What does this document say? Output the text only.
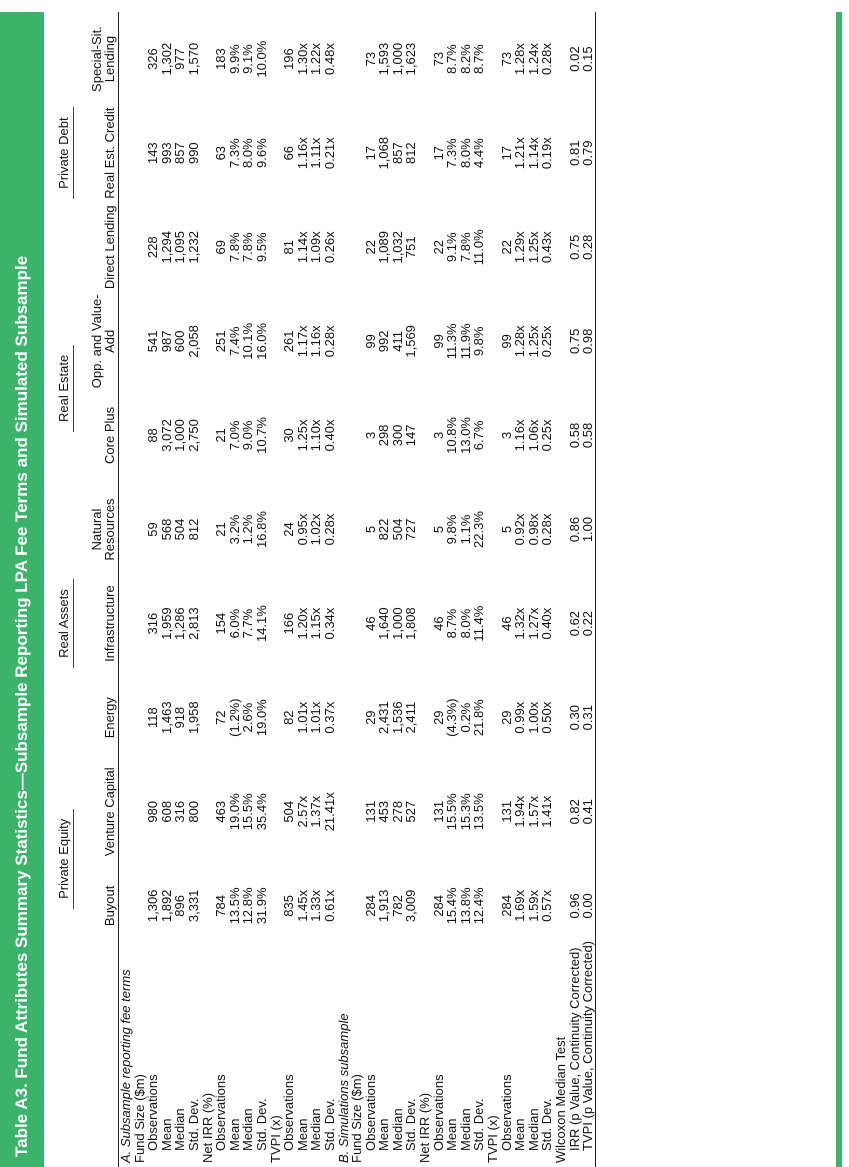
Table A3. Fund Attributes Summary Statistics—Subsample Reporting LPA Fee Terms and Simulated Subsample
		Private Equity		Real Assets			Real Estate		Private Debt		
	Buyout	Venture Capital	Energy	Infrastructure	Natural Resources	Core Plus	Opp. and Value-Add	Direct Lending	Real Est. Credit	Special-Sit. Lending
A. Subsample reporting fee terms										
Fund Size ($m)										
Observations	1,306	980	118	316	59	88	541	228	143	326
Mean	1,892	608	1,463	1,959	568	3,072	987	1,294	993	1,302
Median	896	316	918	1,286	504	1,000	600	1,095	857	977
Std. Dev.	3,331	800	1,958	2,813	812	2,750	2,058	1,232	990	1,570
Net IRR (%)										
Observations	784	463	72	154	21	21	251	69	63	183
Mean	13.5%	19.0%	(1.2%)	6.0%	3.2%	7.0%	7.4%	7.8%	7.3%	9.9%
Median	12.8%	15.5%	2.6%	7.7%	1.2%	9.0%	10.1%	7.8%	8.0%	9.1%
Std. Dev.	31.9%	35.4%	19.0%	14.1%	16.8%	10.7%	16.0%	9.5%	9.6%	10.0%
TVPI (x)										
Observations	835	504	82	166	24	30	261	81	66	196
Mean	1.45x	2.57x	1.01x	1.20x	0.95x	1.25x	1.17x	1.14x	1.16x	1.30x
Median	1.33x	1.37x	1.01x	1.15x	1.02x	1.10x	1.16x	1.09x	1.11x	1.22x
Std. Dev.	0.61x	21.41x	0.37x	0.34x	0.28x	0.40x	0.28x	0.26x	0.21x	0.48x
B. Simulations subsample										
Fund Size ($m)										
Observations	284	131	29	46	5	3	99	22	17	73
Mean	1,913	453	2,431	1,640	822	298	992	1,089	1,068	1,593
Median	782	278	1,536	1,000	504	300	411	1,032	857	1,000
Std. Dev.	3,009	527	2,411	1,808	727	147	1,569	751	812	1,623
Net IRR (%)										
Observations	284	131	29	46	5	3	99	22	17	73
Mean	15.4%	15.5%	(4.3%)	8.7%	9.8%	10.8%	11.3%	9.1%	7.3%	8.7%
Median	13.8%	15.3%	0.2%	8.0%	1.1%	13.0%	11.9%	7.8%	8.0%	8.2%
Std. Dev.	12.4%	13.5%	21.8%	11.4%	22.3%	6.7%	9.8%	11.0%	4.4%	8.7%
TVPI (x)										
Observations	284	131	29	46	5	3	99	22	17	73
Mean	1.69x	1.94x	0.99x	1.32x	0.92x	1.16x	1.28x	1.29x	1.21x	1.28x
Median	1.59x	1.57x	1.00x	1.27x	0.98x	1.06x	1.25x	1.25x	1.14x	1.24x
Std. Dev.	0.57x	1.41x	0.50x	0.40x	0.28x	0.25x	0.25x	0.43x	0.19x	0.28x
Wilcoxon Median Test										
IRR (p Value, Continuity Corrected)	0.96	0.82	0.30	0.62	0.86	0.58	0.75	0.75	0.81	0.02
TVPI (p Value, Continuity Corrected)	0.00	0.41	0.31	0.22	1.00	0.58	0.98	0.28	0.79	0.15
